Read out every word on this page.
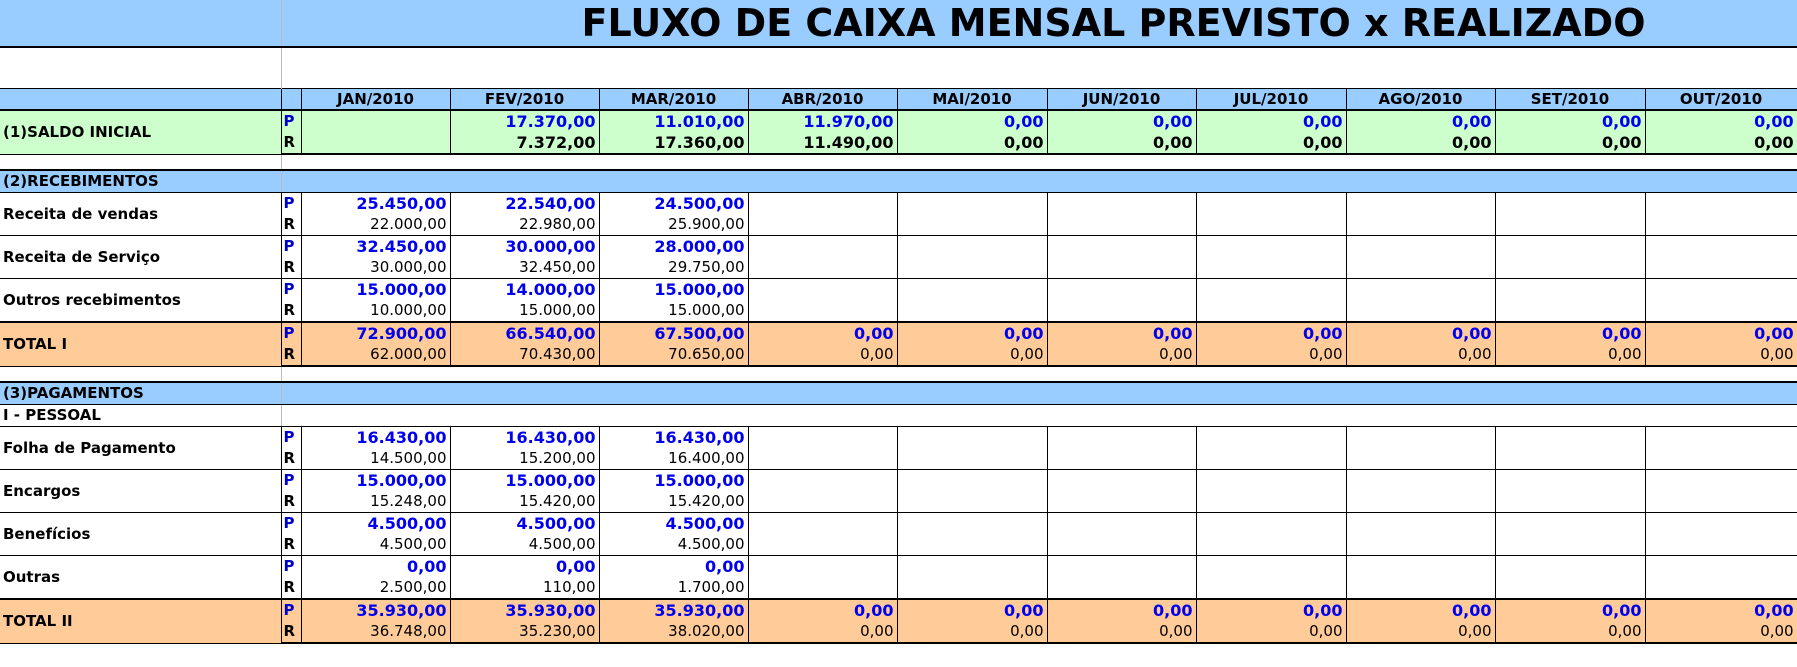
	FLUXO DE CAIXA MENSAL PREVISTO x REALIZADO										

		JAN/2010	FEV/2010	MAR/2010	ABR/2010	MAI/2010	JUN/2010	JUL/2010	AGO/2010	SET/2010	OUT/2010
(1)SALDO INICIAL	P		17.370,00	11.010,00	11.970,00	0,00	0,00	0,00	0,00	0,00	0,00
	R		7.372,00	17.360,00	11.490,00	0,00	0,00	0,00	0,00	0,00	0,00

(2)RECEBIMENTOS											
Receita de vendas	P	25.450,00	22.540,00	24.500,00							
	R	22.000,00	22.980,00	25.900,00							
Receita de Serviço	P	32.450,00	30.000,00	28.000,00							
	R	30.000,00	32.450,00	29.750,00							
Outros recebimentos	P	15.000,00	14.000,00	15.000,00							
	R	10.000,00	15.000,00	15.000,00							
TOTAL I	P	72.900,00	66.540,00	67.500,00	0,00	0,00	0,00	0,00	0,00	0,00	0,00
	R	62.000,00	70.430,00	70.650,00	0,00	0,00	0,00	0,00	0,00	0,00	0,00

(3)PAGAMENTOS											
I - PESSOAL											
Folha de Pagamento	P	16.430,00	16.430,00	16.430,00							
	R	14.500,00	15.200,00	16.400,00							
Encargos	P	15.000,00	15.000,00	15.000,00							
	R	15.248,00	15.420,00	15.420,00							
Benefícios	P	4.500,00	4.500,00	4.500,00							
	R	4.500,00	4.500,00	4.500,00							
Outras	P	0,00	0,00	0,00							
	R	2.500,00	110,00	1.700,00							
TOTAL II	P	35.930,00	35.930,00	35.930,00	0,00	0,00	0,00	0,00	0,00	0,00	0,00
	R	36.748,00	35.230,00	38.020,00	0,00	0,00	0,00	0,00	0,00	0,00	0,00
